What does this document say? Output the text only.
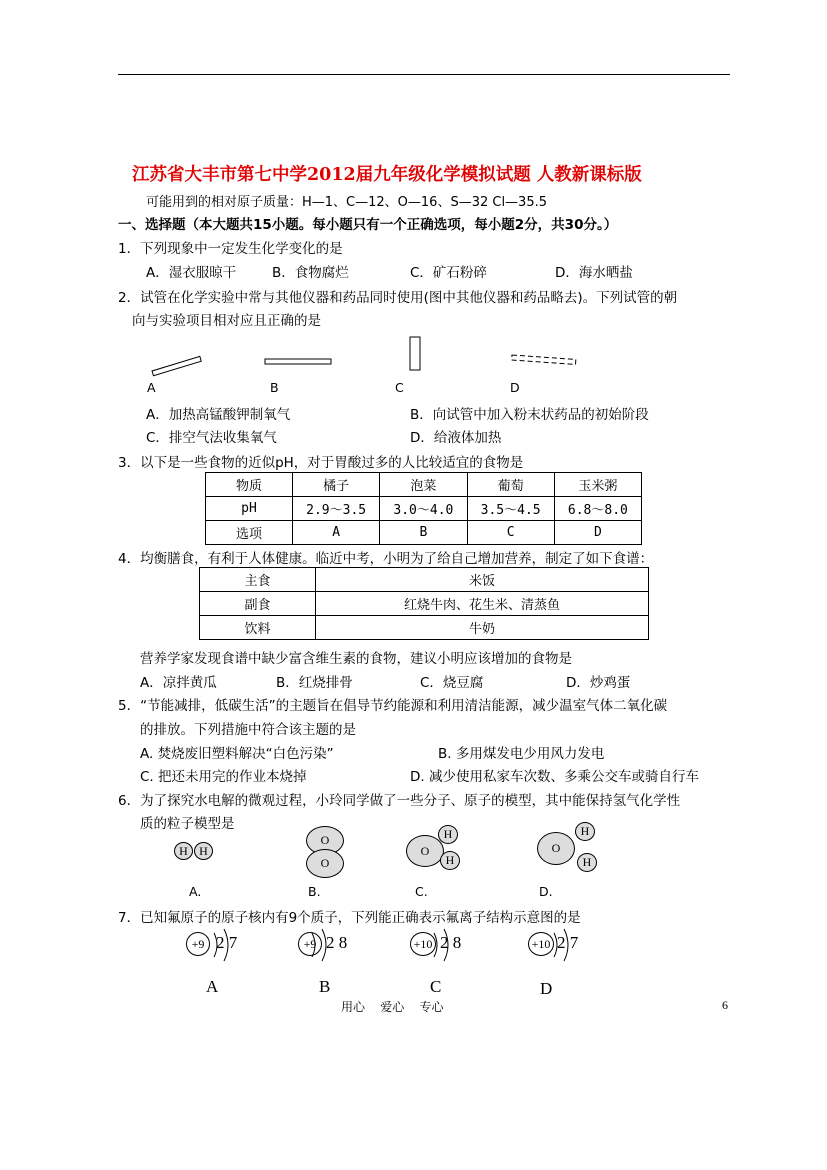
江苏省大丰市第七中学2012届九年级化学模拟试题 人教新课标版
可能用到的相对原子质量：H—1、C—12、O—16、S—32 Cl—35.5
一、选择题（本大题共15小题。每小题只有一个正确选项，每小题2分，共30分。）
1．下列现象中一定发生化学变化的是
A．湿衣服晾干	B．食物腐烂	C．矿石粉碎	D．海水晒盐
2．试管在化学实验中常与其他仪器和药品同时使用(图中其他仪器和药品略去)。下列试管的朝
向与实验项目相对应且正确的是
A	B	C	D
A．加热高锰酸钾制氧气	B．向试管中加入粉末状药品的初始阶段
C．排空气法收集氧气	D．给液体加热
3．以下是一些食物的近似pH，对于胃酸过多的人比较适宜的食物是
物质	橘子	泡菜	葡萄	玉米粥
pH	2.9～3.5	3.0～4.0	3.5～4.5	6.8～8.0
选项	A	B	C	D
4．均衡膳食，有利于人体健康。临近中考，小明为了给自己增加营养，制定了如下食谱：
主食	米饭
副食	红烧牛肉、花生米、清蒸鱼
饮料	牛奶
营养学家发现食谱中缺少富含维生素的食物，建议小明应该增加的食物是
A．凉拌黄瓜	B．红烧排骨	C．烧豆腐	D．炒鸡蛋
5．“节能减排，低碳生活”的主题旨在倡导节约能源和利用清洁能源，减少温室气体二氧化碳
的排放。下列措施中符合该主题的是
A. 焚烧废旧塑料解决“白色污染”	B. 多用煤发电少用风力发电
C. 把还未用完的作业本烧掉	D. 减少使用私家车次数、多乘公交车或骑自行车
6．为了探究水电解的微观过程，小玲同学做了一些分子、原子的模型，其中能保持氢气化学性
质的粒子模型是
H H
O
O
O
H
H
O
H
H
A.	B.	C.	D.
7．已知氟原子的原子核内有9个质子，下列能正确表示氟离子结构示意图的是
+9 2 7	+9 2 8	+10 2 8	+10 2 7
A	B	C	D
用心    爱心    专心	6
